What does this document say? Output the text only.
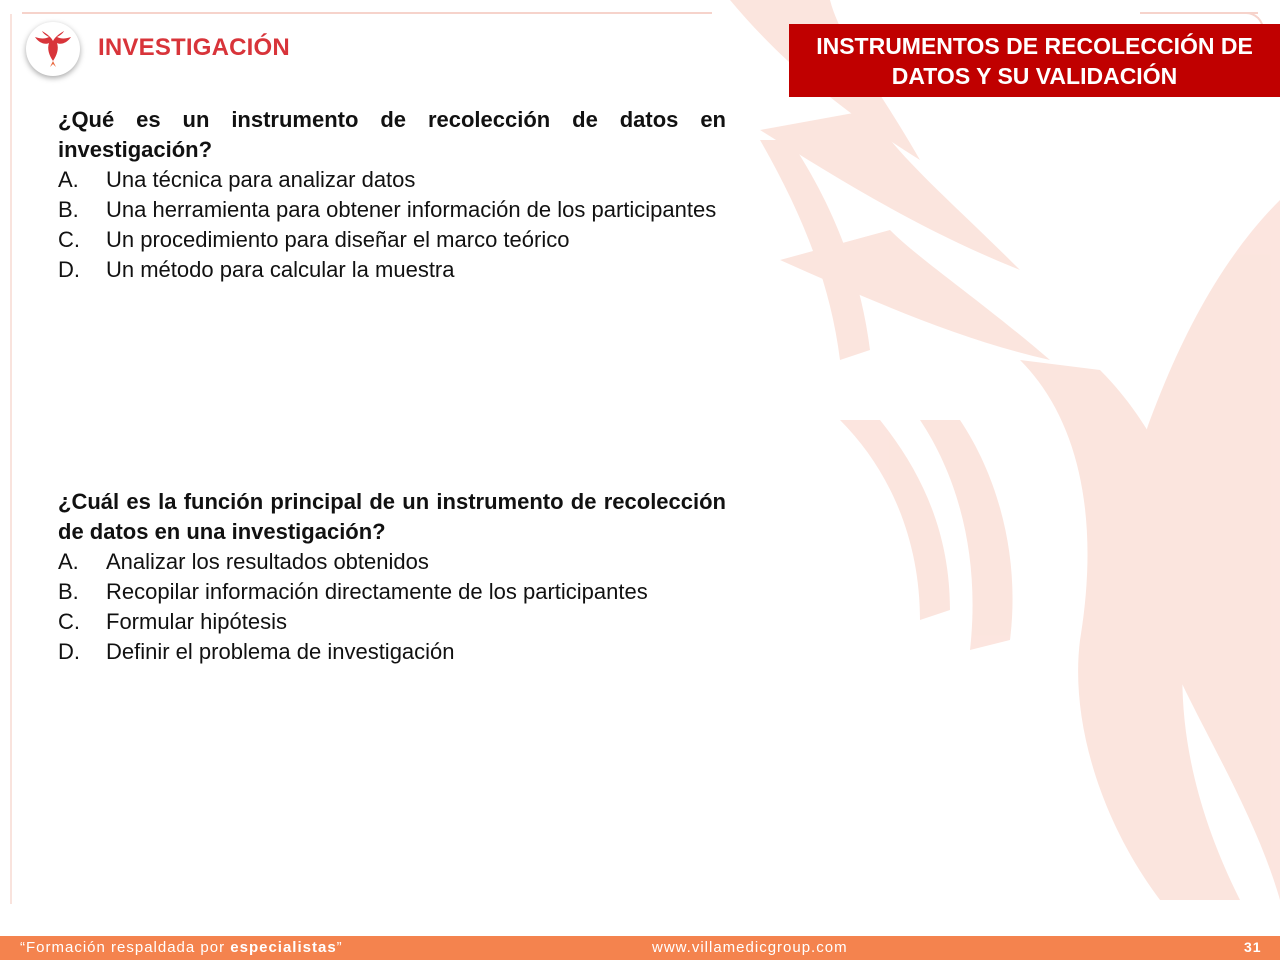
INVESTIGACIÓN	INSTRUMENTOS DE RECOLECCIÓN DE DATOS Y SU VALIDACIÓN

¿Qué es un instrumento de recolección de datos en investigación?

A.	Una técnica para analizar datos
B.	Una herramienta para obtener información de los participantes
C.	Un procedimiento para diseñar el marco teórico
D.	Un método para calcular la muestra

¿Cuál es la función principal de un instrumento de recolección de datos en una investigación?

A.	Analizar los resultados obtenidos
B.	Recopilar información directamente de los participantes
C.	Formular hipótesis
D.	Definir el problema de investigación
“Formación respaldada por especialistas”	www.villamedicgroup.com	31
